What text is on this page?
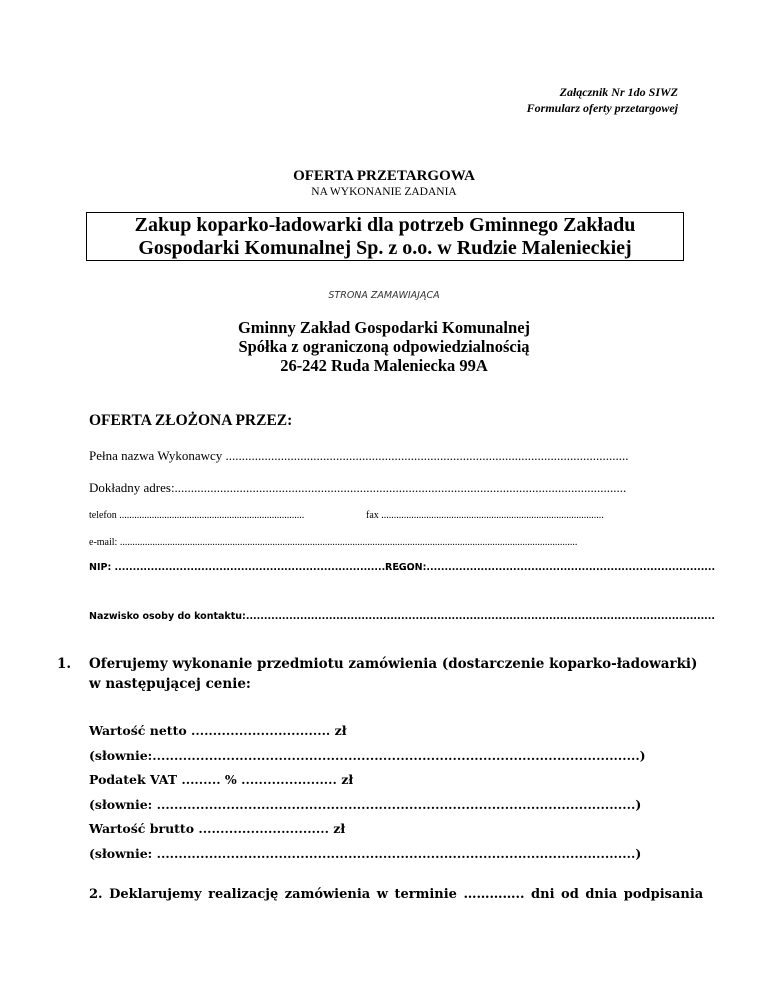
Załącznik Nr 1do SIWZ
Formularz oferty przetargowej
OFERTA PRZETARGOWA
NA WYKONANIE ZADANIA
Zakup koparko-ładowarki dla potrzeb Gminnego Zakładu
Gospodarki Komunalnej Sp. z o.o. w Rudzie Maleniеckiej
STRONA ZAMAWIAJĄCA
Gminny Zakład Gospodarki Komunalnej
Spółka z ograniczoną odpowiedzialnością
26-242 Ruda Maleniecka 99A
OFERTA ZŁOŻONA PRZEZ:
Pełna nazwa Wykonawcy ............................................................................................................................
Dokładny adres:...........................................................................................................................................
telefon ..........................................................................	fax .........................................................................................
e-mail: .......................................................................................................................................................................................
NIP: ...................................................................................
REGON:................................................................................
Nazwisko osoby do kontaktu:..................................................................................................................................
1. Oferujemy wykonanie przedmiotu zamówienia (dostarczenie koparko-ładowarki)
w następującej cenie:
Wartość netto ................................ zł
(słownie:................................................................................................................)
Podatek VAT ......... % ...................... zł
(słownie: ..............................................................................................................)
Wartość brutto .............................. zł
(słownie: ..............................................................................................................)
2. Deklarujemy realizację zamówienia w terminie ………….. dni od dnia podpisania
